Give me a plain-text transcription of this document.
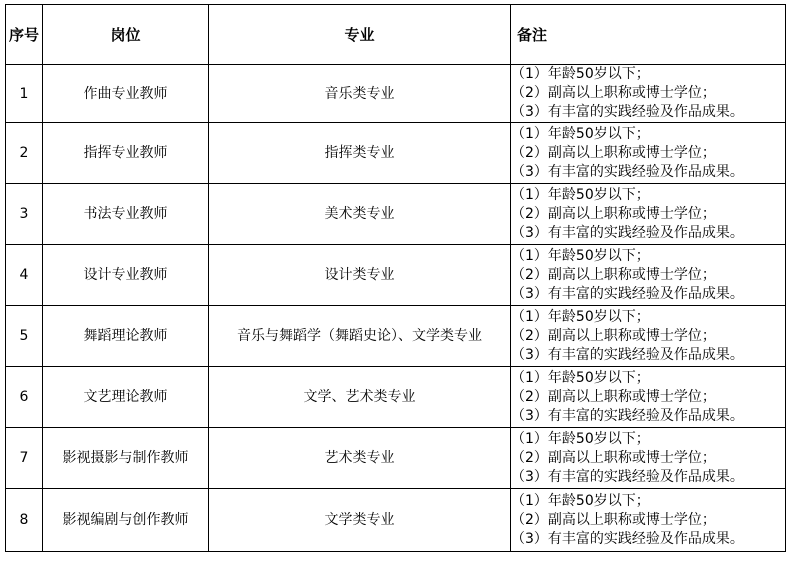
序号	岗位	专业	备注
1	作曲专业教师	音乐类专业	（1）年龄50岁以下；
（2）副高以上职称或博士学位；
（3）有丰富的实践经验及作品成果。

2	指挥专业教师	指挥类专业	（1）年龄50岁以下；
（2）副高以上职称或博士学位；
（3）有丰富的实践经验及作品成果。

3	书法专业教师	美术类专业	（1）年龄50岁以下；
（2）副高以上职称或博士学位；
（3）有丰富的实践经验及作品成果。

4	设计专业教师	设计类专业	（1）年龄50岁以下；
（2）副高以上职称或博士学位；
（3）有丰富的实践经验及作品成果。

5	舞蹈理论教师	音乐与舞蹈学（舞蹈史论）、文学类专业	（1）年龄50岁以下；
（2）副高以上职称或博士学位；
（3）有丰富的实践经验及作品成果。

6	文艺理论教师	文学、艺术类专业	（1）年龄50岁以下；
（2）副高以上职称或博士学位；
（3）有丰富的实践经验及作品成果。

7	影视摄影与制作教师	艺术类专业	（1）年龄50岁以下；
（2）副高以上职称或博士学位；
（3）有丰富的实践经验及作品成果。

8	影视编剧与创作教师	文学类专业	（1）年龄50岁以下；
（2）副高以上职称或博士学位；
（3）有丰富的实践经验及作品成果。
